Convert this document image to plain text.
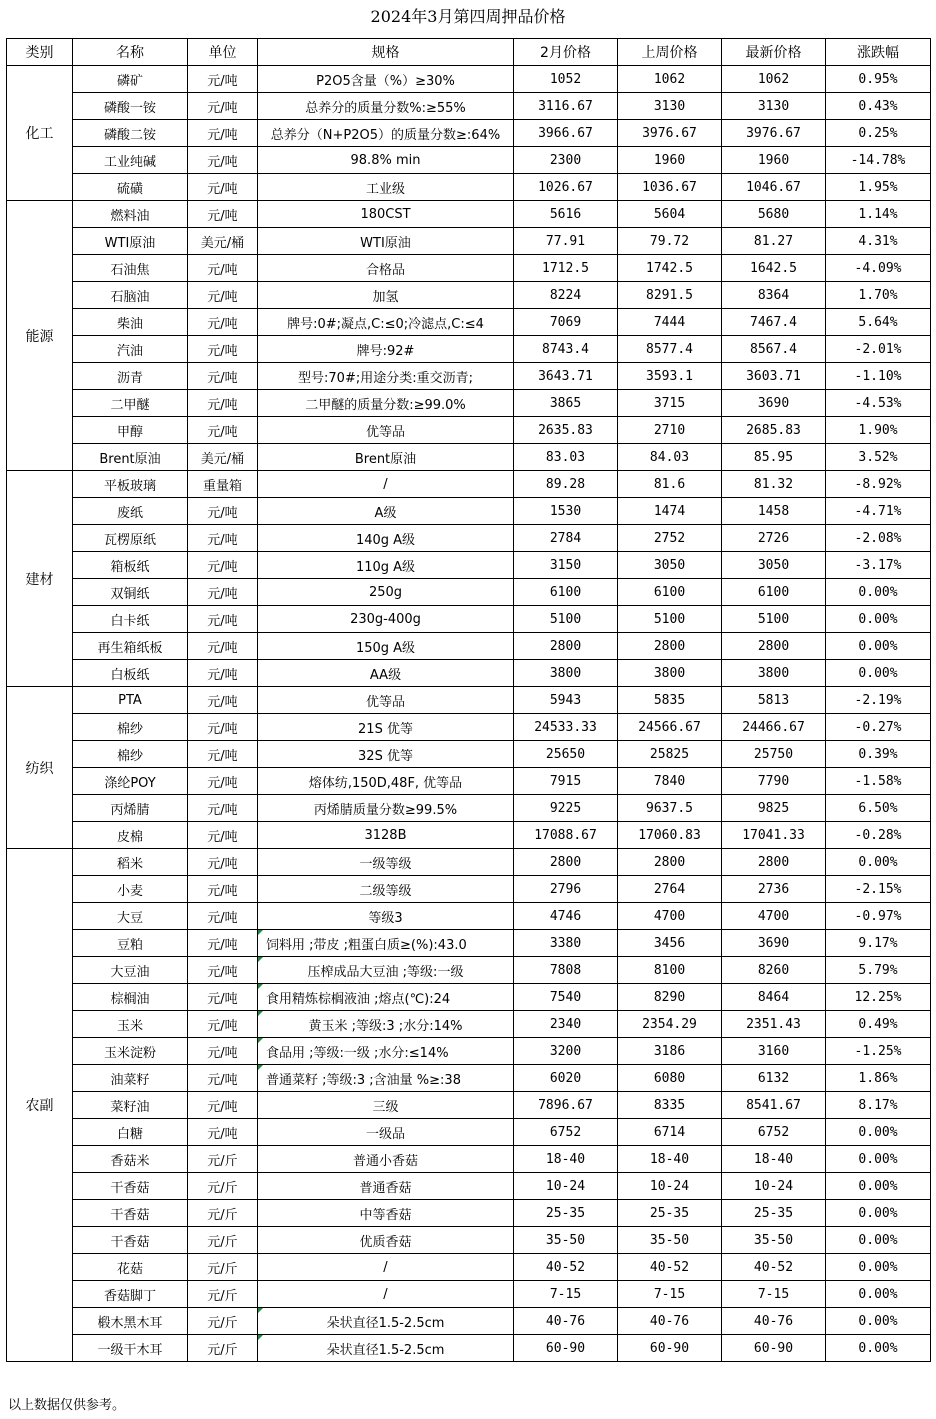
2024年3月第四周押品价格
类别	名称	单位	规格	2月价格	上周价格	最新价格	涨跌幅
化工	磷矿	元/吨	P2O5含量（%）≥30%	1052	1062	1062	0.95%
	磷酸一铵	元/吨	总养分的质量分数%:≥55%	3116.67	3130	3130	0.43%
	磷酸二铵	元/吨	总养分（N+P2O5）的质量分数≥:64%	3966.67	3976.67	3976.67	0.25%
	工业纯碱	元/吨	98.8% min	2300	1960	1960	-14.78%
	硫磺	元/吨	工业级	1026.67	1036.67	1046.67	1.95%
能源	燃料油	元/吨	180CST	5616	5604	5680	1.14%
	WTI原油	美元/桶	WTI原油	77.91	79.72	81.27	4.31%
	石油焦	元/吨	合格品	1712.5	1742.5	1642.5	-4.09%
	石脑油	元/吨	加氢	8224	8291.5	8364	1.70%
	柴油	元/吨	牌号:0#;凝点,C:≤0;冷滤点,C:≤4	7069	7444	7467.4	5.64%
	汽油	元/吨	牌号:92#	8743.4	8577.4	8567.4	-2.01%
	沥青	元/吨	型号:70#;用途分类:重交沥青;	3643.71	3593.1	3603.71	-1.10%
	二甲醚	元/吨	二甲醚的质量分数:≥99.0%	3865	3715	3690	-4.53%
	甲醇	元/吨	优等品	2635.83	2710	2685.83	1.90%
	Brent原油	美元/桶	Brent原油	83.03	84.03	85.95	3.52%
建材	平板玻璃	重量箱	/	89.28	81.6	81.32	-8.92%
	废纸	元/吨	A级	1530	1474	1458	-4.71%
	瓦楞原纸	元/吨	140g A级	2784	2752	2726	-2.08%
	箱板纸	元/吨	110g A级	3150	3050	3050	-3.17%
	双铜纸	元/吨	250g	6100	6100	6100	0.00%
	白卡纸	元/吨	230g-400g	5100	5100	5100	0.00%
	再生箱纸板	元/吨	150g A级	2800	2800	2800	0.00%
	白板纸	元/吨	AA级	3800	3800	3800	0.00%
纺织	PTA	元/吨	优等品	5943	5835	5813	-2.19%
	棉纱	元/吨	21S 优等	24533.33	24566.67	24466.67	-0.27%
	棉纱	元/吨	32S 优等	25650	25825	25750	0.39%
	涤纶POY	元/吨	熔体纺,150D,48F, 优等品	7915	7840	7790	-1.58%
	丙烯腈	元/吨	丙烯腈质量分数≥99.5%	9225	9637.5	9825	6.50%
	皮棉	元/吨	3128B	17088.67	17060.83	17041.33	-0.28%
农副	稻米	元/吨	一级等级	2800	2800	2800	0.00%
	小麦	元/吨	二级等级	2796	2764	2736	-2.15%
	大豆	元/吨	等级3	4746	4700	4700	-0.97%
	豆粕	元/吨	饲料用 ;带皮 ;粗蛋白质≥(%):43.0	3380	3456	3690	9.17%
	大豆油	元/吨	压榨成品大豆油 ;等级:一级	7808	8100	8260	5.79%
	棕榈油	元/吨	食用精炼棕榈液油 ;熔点(℃):24	7540	8290	8464	12.25%
	玉米	元/吨	黄玉米 ;等级:3 ;水分:14%	2340	2354.29	2351.43	0.49%
	玉米淀粉	元/吨	食品用 ;等级:一级 ;水分:≤14%	3200	3186	3160	-1.25%
	油菜籽	元/吨	普通菜籽 ;等级:3 ;含油量 %≥:38	6020	6080	6132	1.86%
	菜籽油	元/吨	三级	7896.67	8335	8541.67	8.17%
	白糖	元/吨	一级品	6752	6714	6752	0.00%
	香菇米	元/斤	普通小香菇	18-40	18-40	18-40	0.00%
	干香菇	元/斤	普通香菇	10-24	10-24	10-24	0.00%
	干香菇	元/斤	中等香菇	25-35	25-35	25-35	0.00%
	干香菇	元/斤	优质香菇	35-50	35-50	35-50	0.00%
	花菇	元/斤	/	40-52	40-52	40-52	0.00%
	香菇脚丁	元/斤	/	7-15	7-15	7-15	0.00%
	椴木黑木耳	元/斤	朵状直径1.5-2.5cm	40-76	40-76	40-76	0.00%
	一级干木耳	元/斤	朵状直径1.5-2.5cm	60-90	60-90	60-90	0.00%
以上数据仅供参考。
